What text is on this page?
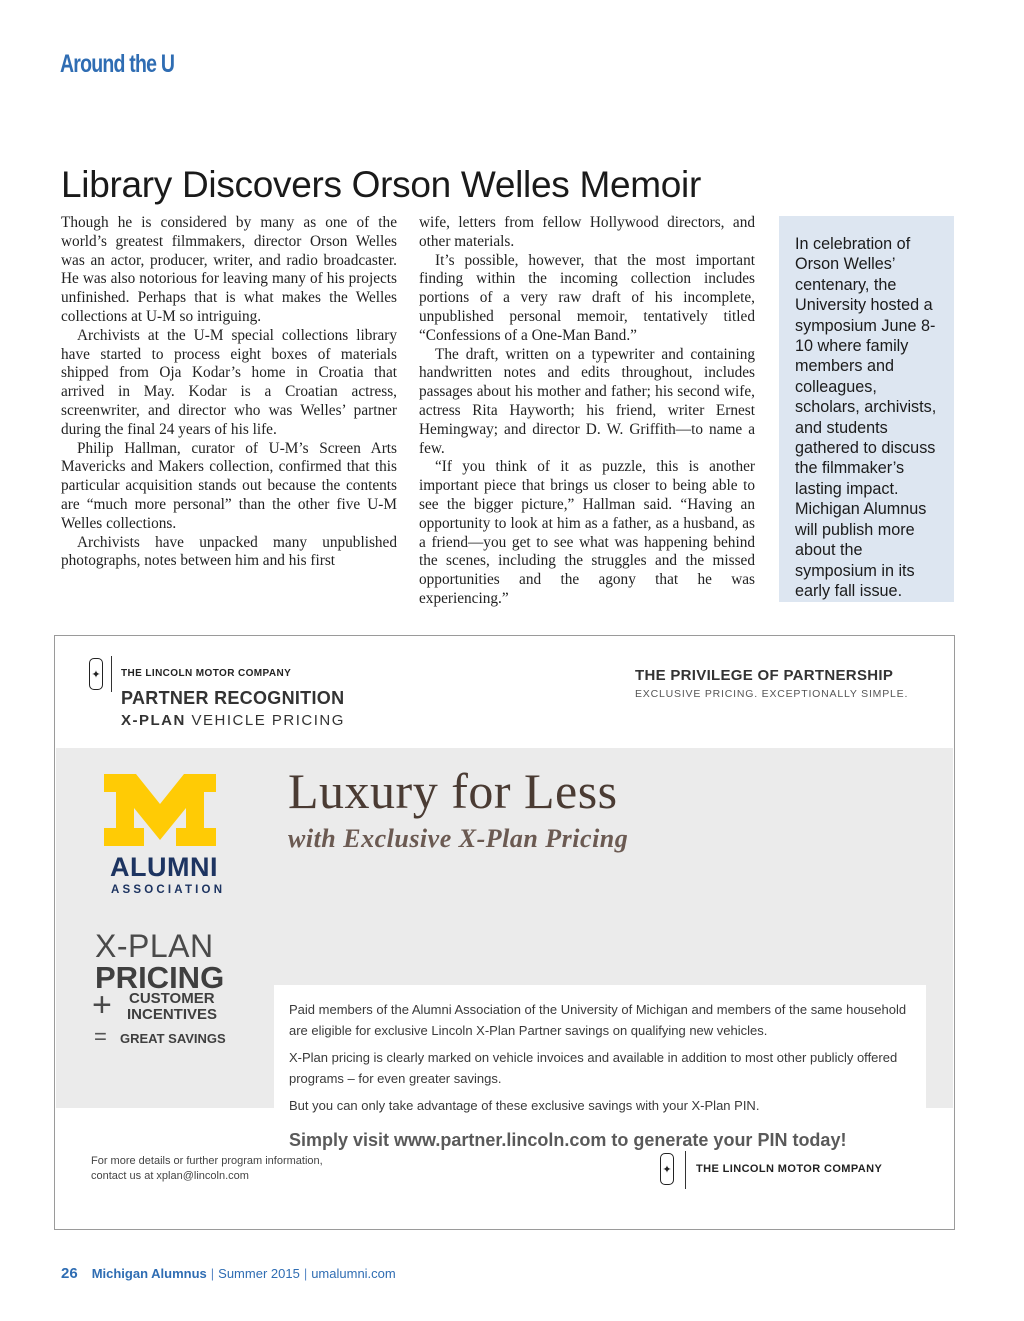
Around the U
Library Discovers Orson Welles Memoir

Though he is considered by many as one of the world’s greatest filmmakers, director Orson Welles was an actor, producer, writer, and radio broadcaster. He was also notorious for leaving many of his projects unfinished. Perhaps that is what makes the Welles collections at U-M so intriguing.

Archivists at the U-M special collections library have started to process eight boxes of materials shipped from Oja Kodar’s home in Croatia that arrived in May. Kodar is a Croatian actress, screenwriter, and director who was Welles’ partner during the final 24 years of his life.

Philip Hallman, curator of U-M’s Screen Arts Mavericks and Makers collection, confirmed that this particular acquisition stands out because the contents are “much more personal” than the other five U-M Welles collections.

Archivists have unpacked many unpublished photographs, notes between him and his first

wife, letters from fellow Hollywood directors, and other materials.

It’s possible, however, that the most important finding within the incoming collection includes portions of a very raw draft of his incomplete, unpublished personal memoir, tentatively titled “Confessions of a One-Man Band.”

The draft, written on a typewriter and containing handwritten notes and edits throughout, includes passages about his mother and father; his second wife, actress Rita Hayworth; his friend, writer Ernest Hemingway; and director D. W. Griffith—to name a few.

“If you think of it as puzzle, this is another important piece that brings us closer to being able to see the bigger picture,” Hallman said. “Having an opportunity to look at him as a father, as a husband, as a friend—you get to see what was happening behind the scenes, including the struggles and the missed opportunities and the agony that he was experiencing.”

In celebration of Orson Welles’ centenary, the University hosted a symposium June 8-10 where family members and colleagues, scholars, archivists, and students gathered to discuss the filmmaker’s lasting impact. Michigan Alumnus will publish more about the symposium in its early fall issue.

✦ THE LINCOLN MOTOR COMPANY
PARTNER RECOGNITION
X-PLAN VEHICLE PRICING
THE PRIVILEGE OF PARTNERSHIP
EXCLUSIVE PRICING. EXCEPTIONALLY SIMPLE.
ALUMNI
ASSOCIATION
Luxury for Less
with Exclusive X-Plan Pricing
X-PLAN
PRICING
+ CUSTOMER
INCENTIVES
= GREAT SAVINGS

Paid members of the Alumni Association of the University of Michigan and members of the same household are eligible for exclusive Lincoln X-Plan Partner savings on qualifying new vehicles.

X-Plan pricing is clearly marked on vehicle invoices and available in addition to most other publicly offered programs – for even greater savings.

But you can only take advantage of these exclusive savings with your X-Plan PIN.

Simply visit www.partner.lincoln.com to generate your PIN today!

For more details or further program information,
contact us at xplan@lincoln.com
✦ THE LINCOLN MOTOR COMPANY
26 Michigan Alumnus | Summer 2015 | umalumni.com
